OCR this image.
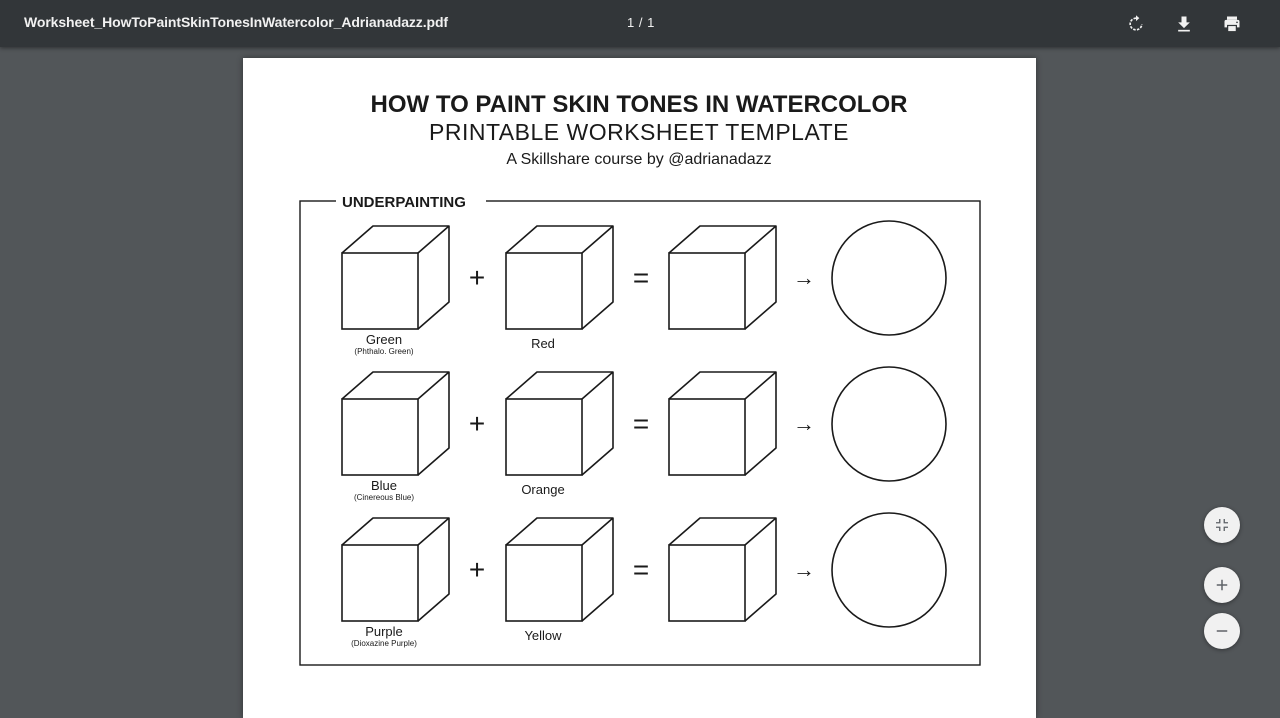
Worksheet_HowToPaintSkinTonesInWatercolor_Adrianadazz.pdf	1 / 1
HOW TO PAINT SKIN TONES IN WATERCOLOR
PRINTABLE WORKSHEET TEMPLATE
A Skillshare course by @adrianadazz
UNDERPAINTING
+	=	→
Green
(Phthalo. Green)
Red
+	=	→
Blue
(Cinereous Blue)
Orange
+	=	→
Purple
(Dioxazine Purple)
Yellow
